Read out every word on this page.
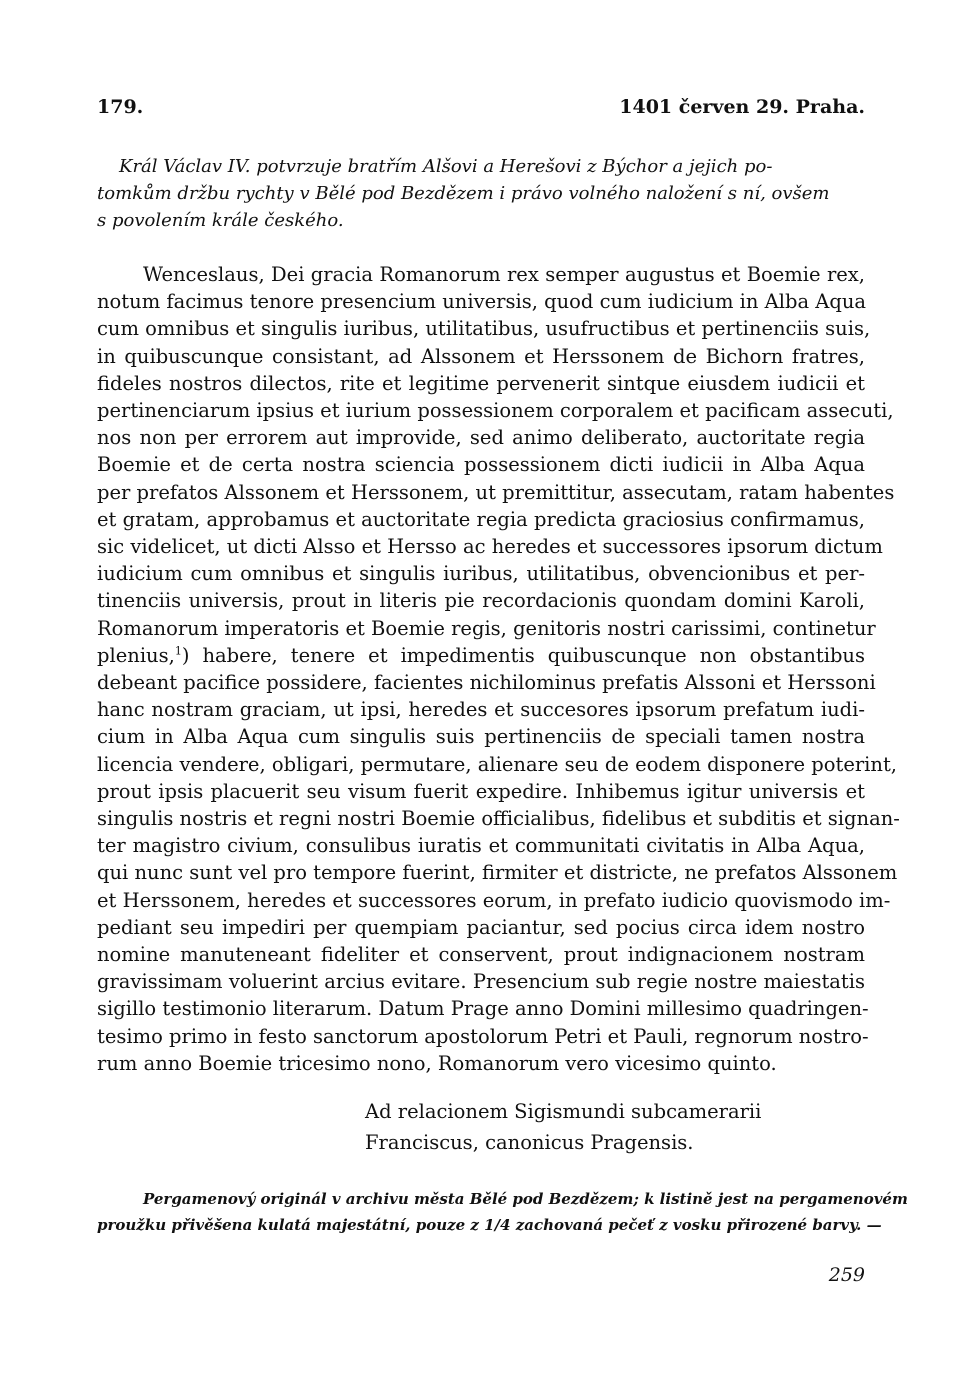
179.	1401 červen 29. Praha.
Král Václav IV. potvrzuje bratřím Alšovi a Herešovi z Býchor a jejich po-
tomkům držbu rychty v Bělé pod Bezdězem i právo volného naložení s ní, ovšem
s povolením krále českého.
Wenceslaus, Dei gracia Romanorum rex semper augustus et Boemie rex,
notum facimus tenore presencium universis, quod cum iudicium in Alba Aqua
cum omnibus et singulis iuribus, utilitatibus, usufructibus et pertinenciis suis,
in quibuscunque consistant, ad Alssonem et Herssonem de Bichorn fratres,
fideles nostros dilectos, rite et legitime pervenerit sintque eiusdem iudicii et
pertinenciarum ipsius et iurium possessionem corporalem et pacificam assecuti,
nos non per errorem aut improvide, sed animo deliberato, auctoritate regia
Boemie et de certa nostra sciencia possessionem dicti iudicii in Alba Aqua
per prefatos Alssonem et Herssonem, ut premittitur, assecutam, ratam habentes
et gratam, approbamus et auctoritate regia predicta graciosius confirmamus,
sic videlicet, ut dicti Alsso et Hersso ac heredes et successores ipsorum dictum
iudicium cum omnibus et singulis iuribus, utilitatibus, obvencionibus et per-
tinenciis universis, prout in literis pie recordacionis quondam domini Karoli,
Romanorum imperatoris et Boemie regis, genitoris nostri carissimi, continetur
plenius,$^1$) habere, tenere et impedimentis quibuscunque non obstantibus
debeant pacifice possidere, facientes nichilominus prefatis Alssoni et Herssoni
hanc nostram graciam, ut ipsi, heredes et succesores ipsorum prefatum iudi-
cium in Alba Aqua cum singulis suis pertinenciis de speciali tamen nostra
licencia vendere, obligari, permutare, alienare seu de eodem disponere poterint,
prout ipsis placuerit seu visum fuerit expedire. Inhibemus igitur universis et
singulis nostris et regni nostri Boemie officialibus, fidelibus et subditis et signan-
ter magistro civium, consulibus iuratis et communitati civitatis in Alba Aqua,
qui nunc sunt vel pro tempore fuerint, firmiter et districte, ne prefatos Alssonem
et Herssonem, heredes et successores eorum, in prefato iudicio quovismodo im-
pediant seu impediri per quempiam paciantur, sed pocius circa idem nostro
nomine manuteneant fideliter et conservent, prout indignacionem nostram
gravissimam voluerint arcius evitare. Presencium sub regie nostre maiestatis
sigillo testimonio literarum. Datum Prage anno Domini millesimo quadringen-
tesimo primo in festo sanctorum apostolorum Petri et Pauli, regnorum nostro-
rum anno Boemie tricesimo nono, Romanorum vero vicesimo quinto.
Ad relacionem Sigismundi subcamerarii
Franciscus, canonicus Pragensis.
Pergamenový originál v archivu města Bělé pod Bezdězem; k listině jest na pergamenovém
proužku přivěšena kulatá majestátní, pouze z 1/4 zachovaná pečeť z vosku přirozené barvy. —
259
